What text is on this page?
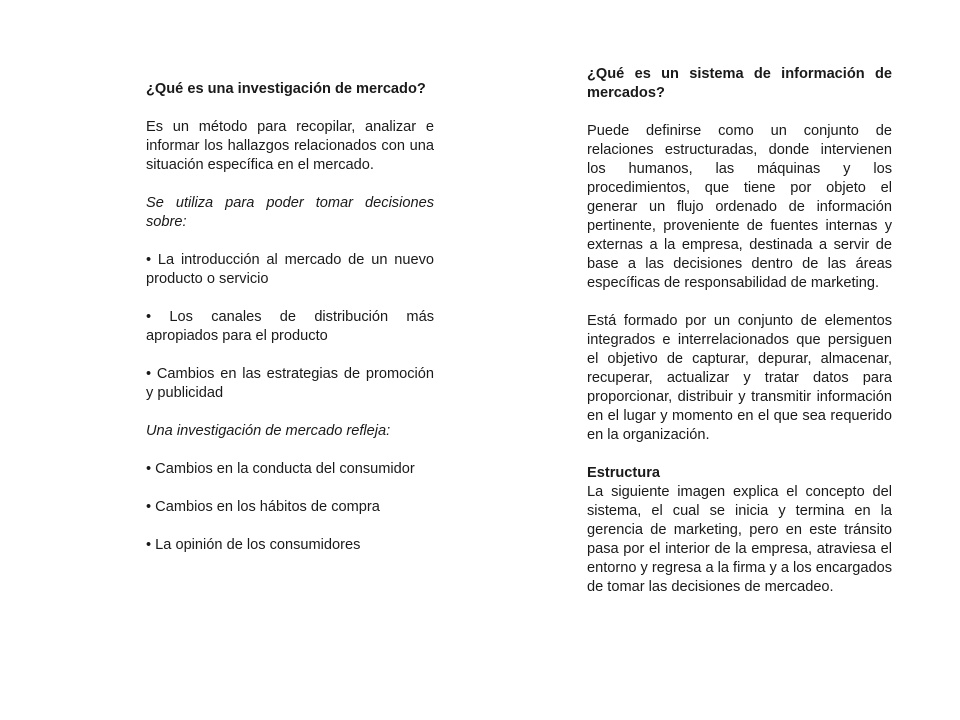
¿Qué es una investigación de mercado?

Es un método para recopilar, analizar e informar los hallazgos relacionados con una situación específica en el mercado.

Se utiliza para poder tomar decisiones sobre:

• La introducción al mercado de un nuevo producto o servicio

• Los canales de distribución más apropiados para el producto

• Cambios en las estrategias de promoción y publicidad

Una investigación de mercado refleja:

• Cambios en la conducta del consumidor

• Cambios en los hábitos de compra

• La opinión de los consumidores

¿Qué es un sistema de información de mercados?

Puede definirse como un conjunto de relaciones estructuradas, donde intervienen los humanos, las máquinas y los procedimientos, que tiene por objeto el generar un flujo ordenado de información pertinente, proveniente de fuentes internas y externas a la empresa, destinada a servir de base a las decisiones dentro de las áreas específicas de responsabilidad de marketing.

Está formado por un conjunto de elementos integrados e interrelacionados que persiguen el objetivo de capturar, depurar, almacenar, recuperar, actualizar y tratar datos para proporcionar, distribuir y transmitir información en el lugar y momento en el que sea requerido en la organización.

Estructura
La siguiente imagen explica el concepto del sistema, el cual se inicia y termina en la gerencia de marketing, pero en este tránsito pasa por el interior de la empresa, atraviesa el entorno y regresa a la firma y a los encargados de tomar las decisiones de mercadeo.
